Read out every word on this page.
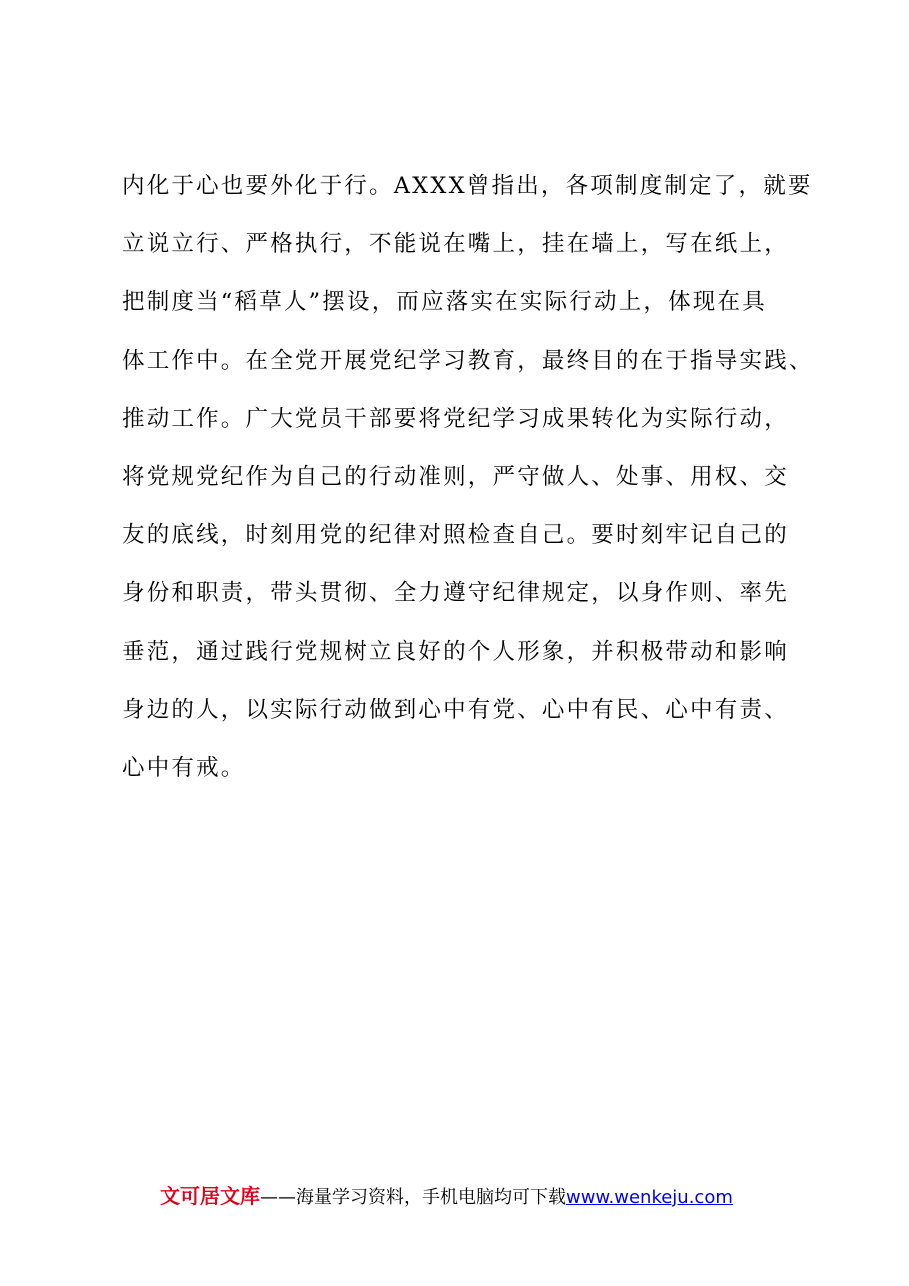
内化于心也要外化于行。AXXX曾指出，各项制度制定了，就要
立说立行、严格执行，不能说在嘴上，挂在墙上，写在纸上，
把制度当“稻草人”摆设，而应落实在实际行动上，体现在具
体工作中。在全党开展党纪学习教育，最终目的在于指导实践、
推动工作。广大党员干部要将党纪学习成果转化为实际行动，
将党规党纪作为自己的行动准则，严守做人、处事、用权、交
友的底线，时刻用党的纪律对照检查自己。要时刻牢记自己的
身份和职责，带头贯彻、全力遵守纪律规定，以身作则、率先
垂范，通过践行党规树立良好的个人形象，并积极带动和影响
身边的人，以实际行动做到心中有党、心中有民、心中有责、
心中有戒。
文可居文库——海量学习资料，手机电脑均可下载www.wenkeju.com
